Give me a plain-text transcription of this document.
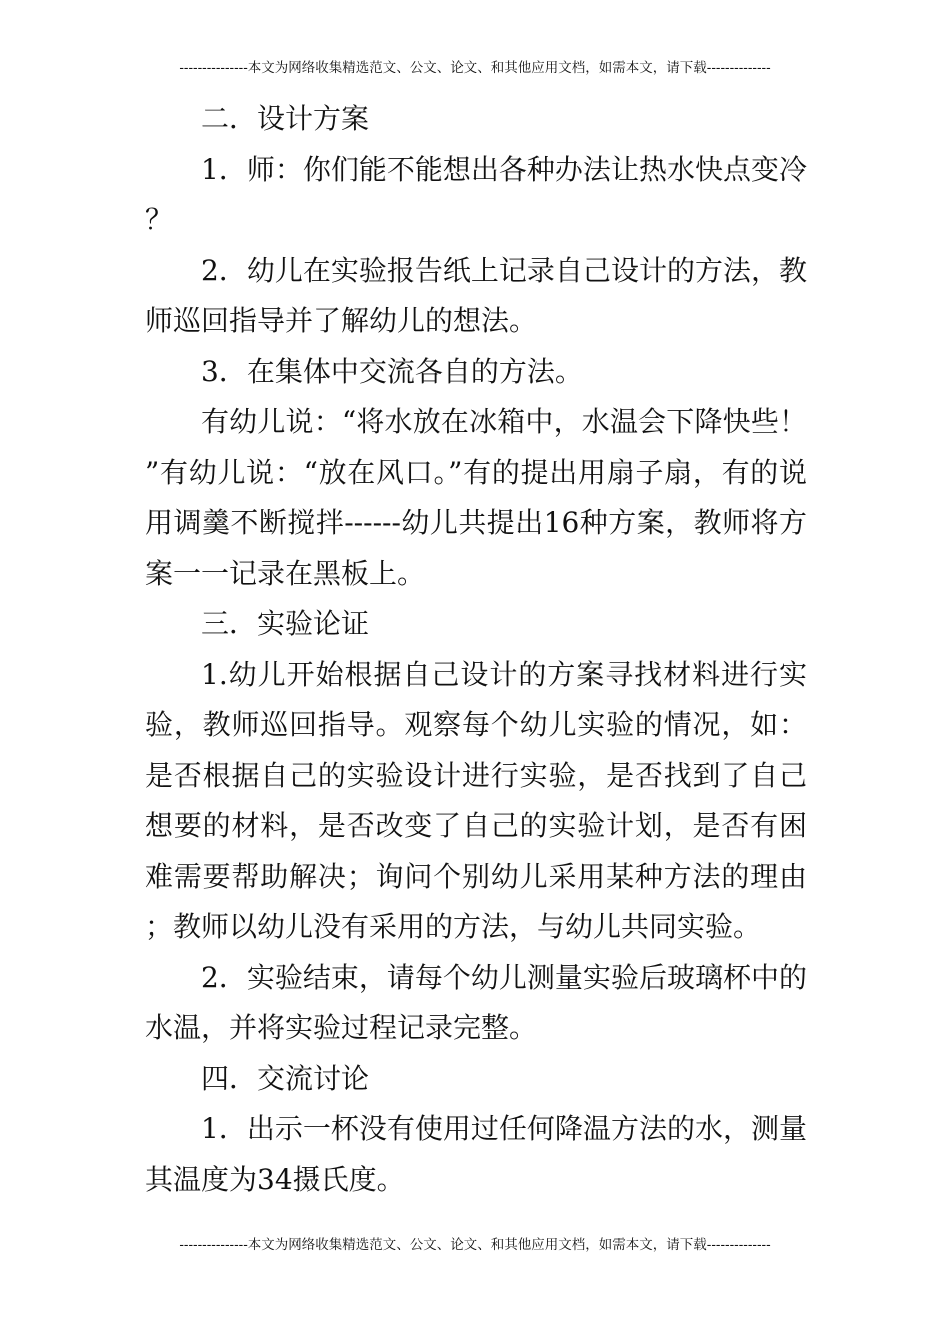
---------------本文为网络收集精选范文、公文、论文、和其他应用文档，如需本文，请下载--------------

二．设计方案

1．师：你们能不能想出各种办法让热水快点变冷？

2．幼儿在实验报告纸上记录自己设计的方法，教师巡回指导并了解幼儿的想法。

3．在集体中交流各自的方法。

有幼儿说：“将水放在冰箱中，水温会下降快些！”有幼儿说：“放在风口。”有的提出用扇子扇，有的说用调羹不断搅拌------幼儿共提出16种方案，教师将方案一一记录在黑板上。

三．实验论证

1.幼儿开始根据自己设计的方案寻找材料进行实验，教师巡回指导。观察每个幼儿实验的情况，如：是否根据自己的实验设计进行实验，是否找到了自己想要的材料，是否改变了自己的实验计划，是否有困难需要帮助解决；询问个别幼儿采用某种方法的理由；教师以幼儿没有采用的方法，与幼儿共同实验。

2．实验结束，请每个幼儿测量实验后玻璃杯中的水温，并将实验过程记录完整。

四．交流讨论

1．出示一杯没有使用过任何降温方法的水，测量其温度为34摄氏度。

---------------本文为网络收集精选范文、公文、论文、和其他应用文档，如需本文，请下载--------------
